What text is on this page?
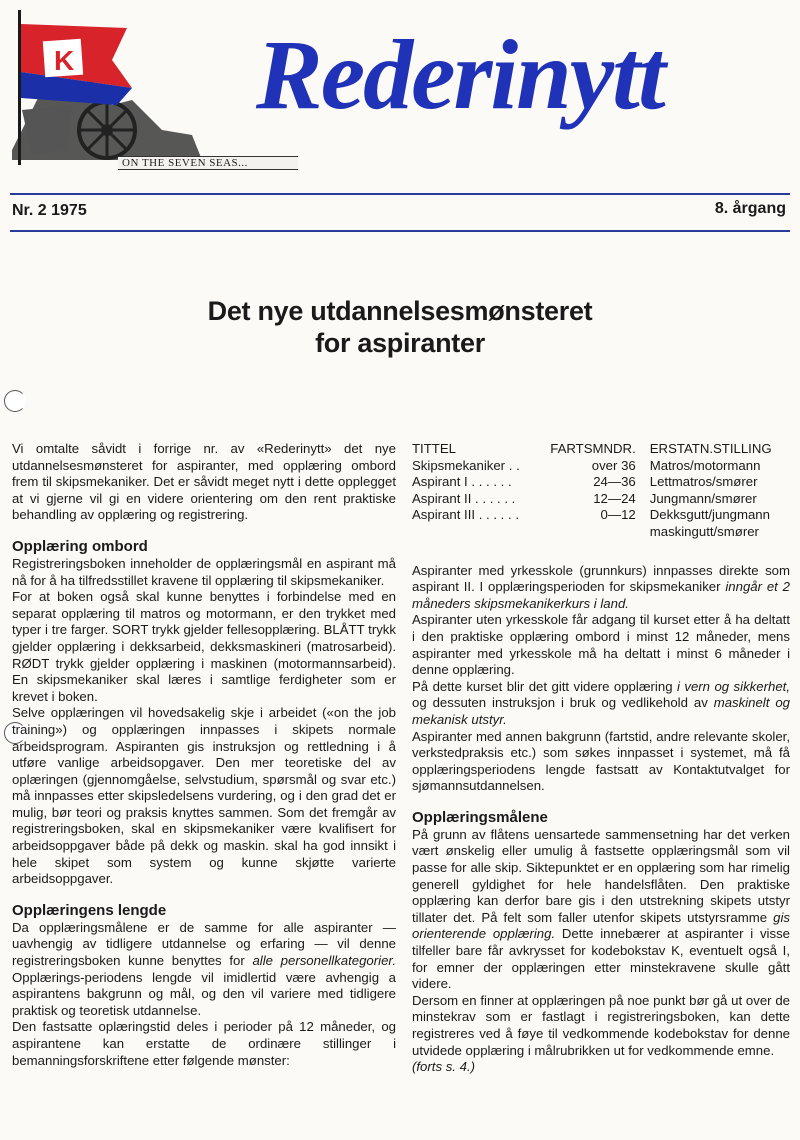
K
ON THE SEVEN SEAS...
Rederinytt
Nr. 2 1975	8. årgang
Det nye utdannelsesmønsteret
for aspiranter

Vi omtalte såvidt i forrige nr. av «Rederinytt» det nye utdannelsesmønsteret for aspiranter, med opplæring ombord frem til skipsmekaniker. Det er såvidt meget nytt i dette opplegget at vi gjerne vil gi en videre orientering om den rent praktiske behandling av opplæring og registrering.

Opplæring ombord

Registreringsboken inneholder de opplæringsmål en aspirant må nå for å ha tilfredsstillet kravene til opplæring til skipsmekaniker.

For at boken også skal kunne benyttes i forbindelse med en separat opplæring til matros og motormann, er den trykket med typer i tre farger. SORT trykk gjelder fellesopplæring. BLÅTT trykk gjelder opplæring i dekksarbeid, dekksmaskineri (matrosarbeid). RØDT trykk gjelder opplæring i maskinen (motormannsarbeid). En skipsmekaniker skal læres i samtlige ferdigheter som er krevet i boken.

Selve opplæringen vil hovedsakelig skje i arbeidet («on the job training») og opplæringen innpasses i skipets normale arbeidsprogram. Aspiranten gis instruksjon og rettledning i å utføre vanlige arbeidsopgaver. Den mer teoretiske del av oplæringen (gjennomgåelse, selvstudium, spørsmål og svar etc.) må innpasses etter skipsledelsens vurdering, og i den grad det er mulig, bør teori og praksis knyttes sammen. Som det fremgår av registreringsboken, skal en skipsmekaniker være kvalifisert for arbeidsoppgaver både på dekk og maskin. skal ha god innsikt i hele skipet som system og kunne skjøtte varierte arbeidsoppgaver.

Opplæringens lengde

Da opplæringsmålene er de samme for alle aspiranter — uavhengig av tidligere utdannelse og erfaring — vil denne registreringsboken kunne benyttes for alle personellkategorier. Opplærings-periodens lengde vil imidlertid være avhengig a aspirantens bakgrunn og mål, og den vil variere med tidligere praktisk og teoretisk utdannelse.

Den fastsatte oplæringstid deles i perioder på 12 måneder, og aspirantene kan erstatte de ordinære stillinger i bemanningsforskriftene etter følgende mønster:

TITTEL	FARTSMNDR.	ERSTATN.STILLING
Skipsmekaniker . .	over 36	Matros/motormann
Aspirant I . . . . . .	24—36	Lettmatros/smører
Aspirant II . . . . . .	12—24	Jungmann/smører
Aspirant III . . . . . .	0—12	Dekksgutt/jungmann
		maskingutt/smører

Aspiranter med yrkesskole (grunnkurs) innpasses direkte som aspirant II. I opplæringsperioden for skipsmekaniker inngår et 2 måneders skipsmekanikerkurs i land.

Aspiranter uten yrkesskole får adgang til kurset etter å ha deltatt i den praktiske opplæring ombord i minst 12 måneder, mens aspiranter med yrkesskole må ha deltatt i minst 6 måneder i denne opplæring.

På dette kurset blir det gitt videre opplæring i vern og sikkerhet, og dessuten instruksjon i bruk og vedlikehold av maskinelt og mekanisk utstyr.

Aspiranter med annen bakgrunn (fartstid, andre relevante skoler, verkstedpraksis etc.) som søkes innpasset i systemet, må få opplæringsperiodens lengde fastsatt av Kontaktutvalget for sjømannsutdannelsen.

Opplæringsmålene

På grunn av flåtens uensartede sammensetning har det verken vært ønskelig eller umulig å fastsette opplæringsmål som vil passe for alle skip. Siktepunktet er en opplæring som har rimelig generell gyldighet for hele handelsflåten. Den praktiske opplæring kan derfor bare gis i den utstrekning skipets utstyr tillater det. På felt som faller utenfor skipets utstyrsramme gis orienterende opplæring. Dette innebærer at aspiranter i visse tilfeller bare får avkrysset for kodebokstav K, eventuelt også I, for emner der opplæringen etter minstekravene skulle gått videre.

Dersom en finner at opplæringen på noe punkt bør gå ut over de minstekrav som er fastlagt i registreringsboken, kan dette registreres ved å føye til vedkommende kodebokstav for denne utvidede opplæring i målrubrikken ut for vedkommende emne.

(forts s. 4.)
